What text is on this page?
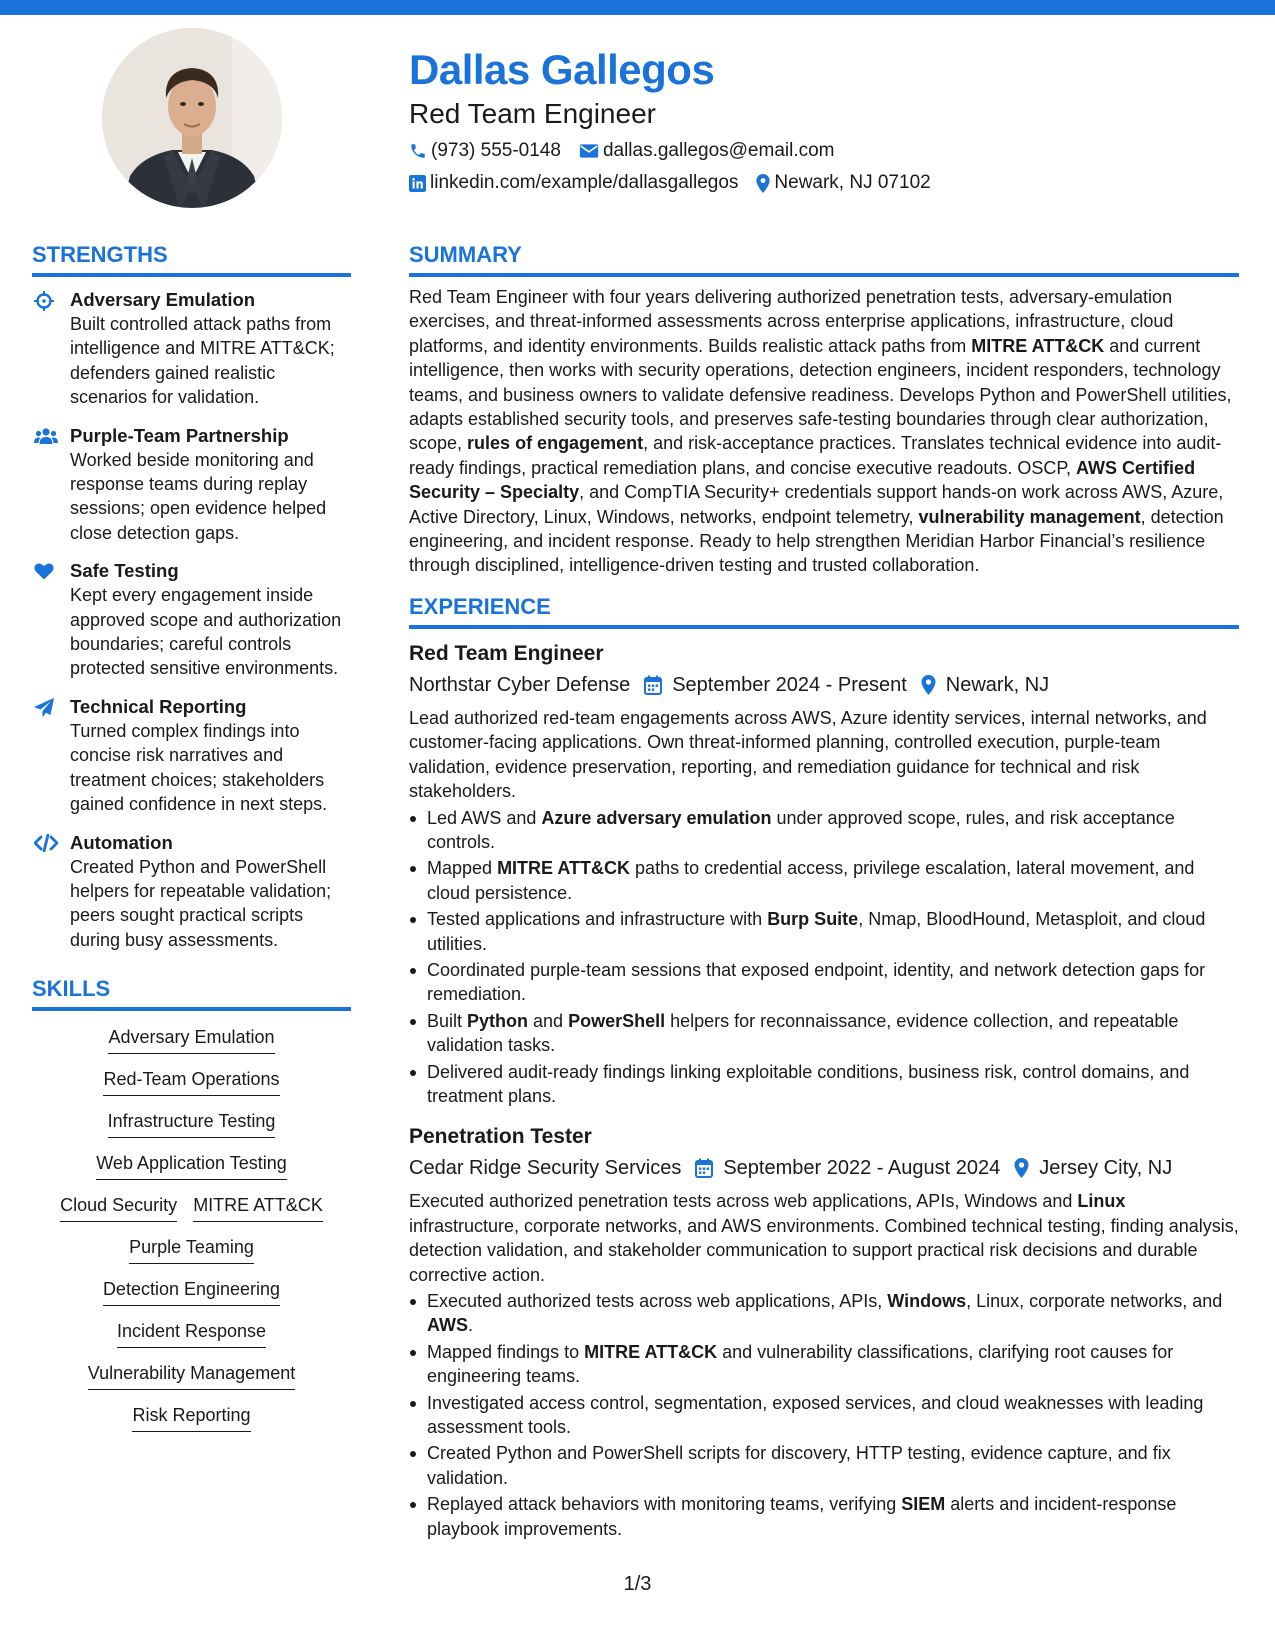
Dallas Gallegos
Red Team Engineer
(973) 555-0148 dallas.gallegos@email.com
linkedin.com/example/dallasgallegos Newark, NJ 07102
STRENGTHS
Adversary Emulation
Built controlled attack paths from intelligence and MITRE ATT&CK; defenders gained realistic scenarios for validation.
Purple-Team Partnership
Worked beside monitoring and response teams during replay sessions; open evidence helped close detection gaps.
Safe Testing
Kept every engagement inside approved scope and authorization boundaries; careful controls protected sensitive environments.
Technical Reporting
Turned complex findings into concise risk narratives and treatment choices; stakeholders gained confidence in next steps.
Automation
Created Python and PowerShell helpers for repeatable validation; peers sought practical scripts during busy assessments.
SKILLS
Adversary Emulation
Red-Team Operations
Infrastructure Testing
Web Application Testing
Cloud Security MITRE ATT&CK
Purple Teaming
Detection Engineering
Incident Response
Vulnerability Management
Risk Reporting
SUMMARY

Red Team Engineer with four years delivering authorized penetration tests, adversary-emulation exercises, and threat-informed assessments across enterprise applications, infrastructure, cloud platforms, and identity environments. Builds realistic attack paths from MITRE ATT&CK and current intelligence, then works with security operations, detection engineers, incident responders, technology teams, and business owners to validate defensive readiness. Develops Python and PowerShell utilities, adapts established security tools, and preserves safe-testing boundaries through clear authorization, scope, rules of engagement, and risk-acceptance practices. Translates technical evidence into audit-ready findings, practical remediation plans, and concise executive readouts. OSCP, AWS Certified Security – Specialty, and CompTIA Security+ credentials support hands-on work across AWS, Azure, Active Directory, Linux, Windows, networks, endpoint telemetry, vulnerability management, detection engineering, and incident response. Ready to help strengthen Meridian Harbor Financial’s resilience through disciplined, intelligence-driven testing and trusted collaboration.

EXPERIENCE
Red Team Engineer
Northstar Cyber Defense September 2024 - Present Newark, NJ

Lead authorized red-team engagements across AWS, Azure identity services, internal networks, and customer-facing applications. Own threat-informed planning, controlled execution, purple-team validation, evidence preservation, reporting, and remediation guidance for technical and risk stakeholders.

Led AWS and Azure adversary emulation under approved scope, rules, and risk acceptance controls.
Mapped MITRE ATT&CK paths to credential access, privilege escalation, lateral movement, and cloud persistence.
Tested applications and infrastructure with Burp Suite, Nmap, BloodHound, Metasploit, and cloud utilities.
Coordinated purple-team sessions that exposed endpoint, identity, and network detection gaps for remediation.
Built Python and PowerShell helpers for reconnaissance, evidence collection, and repeatable validation tasks.
Delivered audit-ready findings linking exploitable conditions, business risk, control domains, and treatment plans.
Penetration Tester
Cedar Ridge Security Services September 2022 - August 2024 Jersey City, NJ

Executed authorized penetration tests across web applications, APIs, Windows and Linux infrastructure, corporate networks, and AWS environments. Combined technical testing, finding analysis, detection validation, and stakeholder communication to support practical risk decisions and durable corrective action.

Executed authorized tests across web applications, APIs, Windows, Linux, corporate networks, and AWS.
Mapped findings to MITRE ATT&CK and vulnerability classifications, clarifying root causes for engineering teams.
Investigated access control, segmentation, exposed services, and cloud weaknesses with leading assessment tools.
Created Python and PowerShell scripts for discovery, HTTP testing, evidence capture, and fix validation.
Replayed attack behaviors with monitoring teams, verifying SIEM alerts and incident-response playbook improvements.
1/3
